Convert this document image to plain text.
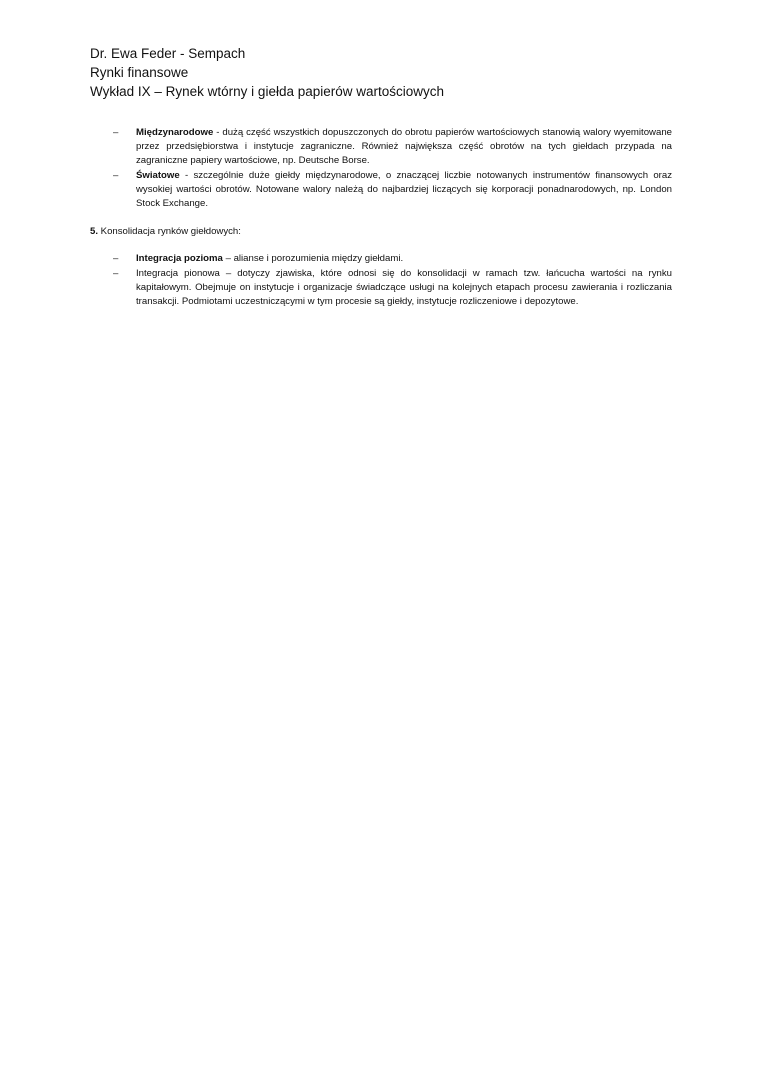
Dr. Ewa Feder - Sempach
Rynki finansowe
Wykład IX – Rynek wtórny i giełda papierów wartościowych
– Międzynarodowe - dużą część wszystkich dopuszczonych do obrotu papierów wartościowych stanowią walory wyemitowane przez przedsiębiorstwa i instytucje zagraniczne. Również największa część obrotów na tych giełdach przypada na zagraniczne papiery wartościowe, np. Deutsche Borse.
– Światowe - szczególnie duże giełdy międzynarodowe, o znaczącej liczbie notowanych instrumentów finansowych oraz wysokiej wartości obrotów. Notowane walory należą do najbardziej liczących się korporacji ponadnarodowych, np. London Stock Exchange.
5. Konsolidacja rynków giełdowych:
– Integracja pozioma – alianse i porozumienia między giełdami.
– Integracja pionowa – dotyczy zjawiska, które odnosi się do konsolidacji w ramach tzw. łańcucha wartości na rynku kapitałowym. Obejmuje on instytucje i organizacje świadczące usługi na kolejnych etapach procesu zawierania i rozliczania transakcji. Podmiotami uczestniczącymi w tym procesie są giełdy, instytucje rozliczeniowe i depozytowe.
